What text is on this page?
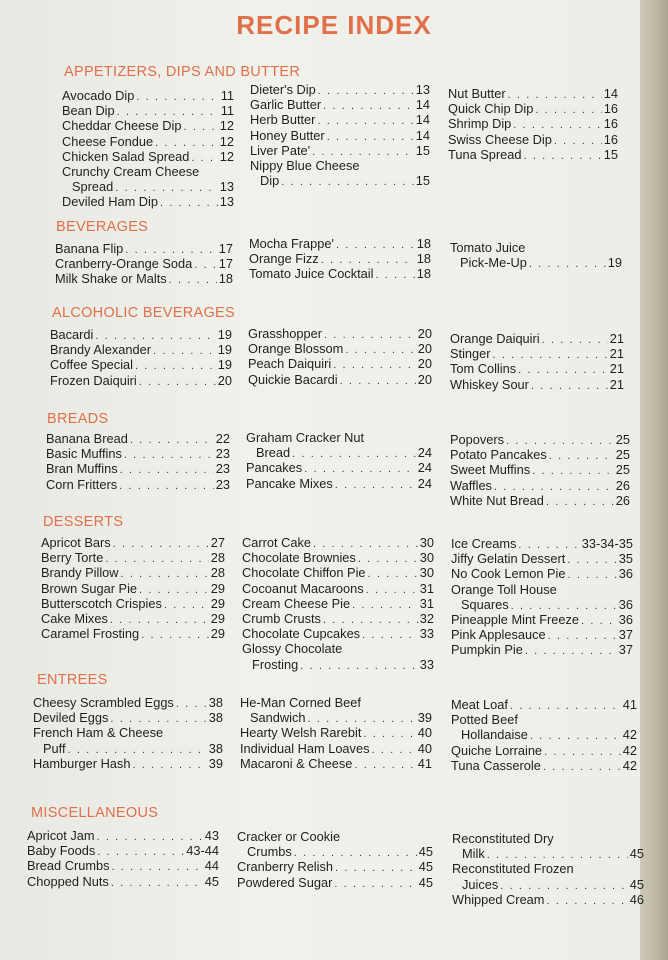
RECIPE INDEX
APPETIZERS, DIPS AND BUTTER
Avocado Dip . . .	11
Bean Dip . . .	11
Cheddar Cheese Dip . . .	12
Cheese Fondue . . .	12
Chicken Salad Spread . . . 12
Crunchy Cream Cheese
Spread . . .	13
Deviled Ham Dip . . .	13
Dieter's Dip . . .	13
Garlic Butter . . .	14
Herb Butter . . .	14
Honey Butter . . .	14
Liver Pate' . . .	15
Nippy Blue Cheese
Dip . . .	15
Nut Butter . . .	14
Quick Chip Dip . . .	16
Shrimp Dip . . .	16
Swiss Cheese Dip . . .	16
Tuna Spread . . .	15
BEVERAGES
Banana Flip . . .	17
Cranberry-Orange Soda . . . 17
Milk Shake or Malts . . .	18
Mocha Frappe' . . .	18
Orange Fizz . . .	18
Tomato Juice Cocktail . . .	18
Tomato Juice
Pick-Me-Up . . .	19
ALCOHOLIC BEVERAGES
Bacardi . . .	19
Brandy Alexander . . .	19
Coffee Special . . .	19
Frozen Daiquiri . . .	20
Grasshopper . . .	20
Orange Blossom . . .	20
Peach Daiquiri . . .	20
Quickie Bacardi . . .	20
Orange Daiquiri . . .	21
Stinger . . .	21
Tom Collins . . .	21
Whiskey Sour . . .	21
BREADS
Banana Bread . . .	22
Basic Muffins . . .	23
Bran Muffins . . .	23
Corn Fritters . . .	23
Graham Cracker Nut
Bread . . .	24
Pancakes . . .	24
Pancake Mixes . . .	24
Popovers . . .	25
Potato Pancakes . . .	25
Sweet Muffins . . .	25
Waffles . . .	26
White Nut Bread . . .	26
DESSERTS
Apricot Bars . . .	27
Berry Torte . . .	28
Brandy Pillow . . .	28
Brown Sugar Pie . . .	29
Butterscotch Crispies . . .	29
Cake Mixes . . .	29
Caramel Frosting . . .	29
Carrot Cake . . .	30
Chocolate Brownies . . .	30
Chocolate Chiffon Pie . . .	30
Cocoanut Macaroons . . .	31
Cream Cheese Pie . . .	31
Crumb Crusts . . .	32
Chocolate Cupcakes . . .	33
Glossy Chocolate
Frosting . . .	33
Ice Creams . . .	33-34-35
Jiffy Gelatin Dessert . . .	35
No Cook Lemon Pie . . .	36
Orange Toll House
Squares . . .	36
Pineapple Mint Freeze . . .	36
Pink Applesauce . . .	37
Pumpkin Pie . . .	37
ENTREES
Cheesy Scrambled Eggs . . .	38
Deviled Eggs . . .	38
French Ham & Cheese
Puff . . .	38
Hamburger Hash . . .	39
He-Man Corned Beef
Sandwich . . .	39
Hearty Welsh Rarebit . . .	40
Individual Ham Loaves . . .	40
Macaroni & Cheese . . .	41
Meat Loaf . . .	41
Potted Beef
Hollandaise . . .	42
Quiche Lorraine . . .	42
Tuna Casserole . . .	42
MISCELLANEOUS
Apricot Jam . . .	43
Baby Foods . . .	43-44
Bread Crumbs . . .	44
Chopped Nuts . . .	45
Cracker or Cookie
Crumbs . . .	45
Cranberry Relish . . .	45
Powdered Sugar . . .	45
Reconstituted Dry
Milk . . .	45
Reconstituted Frozen
Juices . . .	45
Whipped Cream . . .	46
